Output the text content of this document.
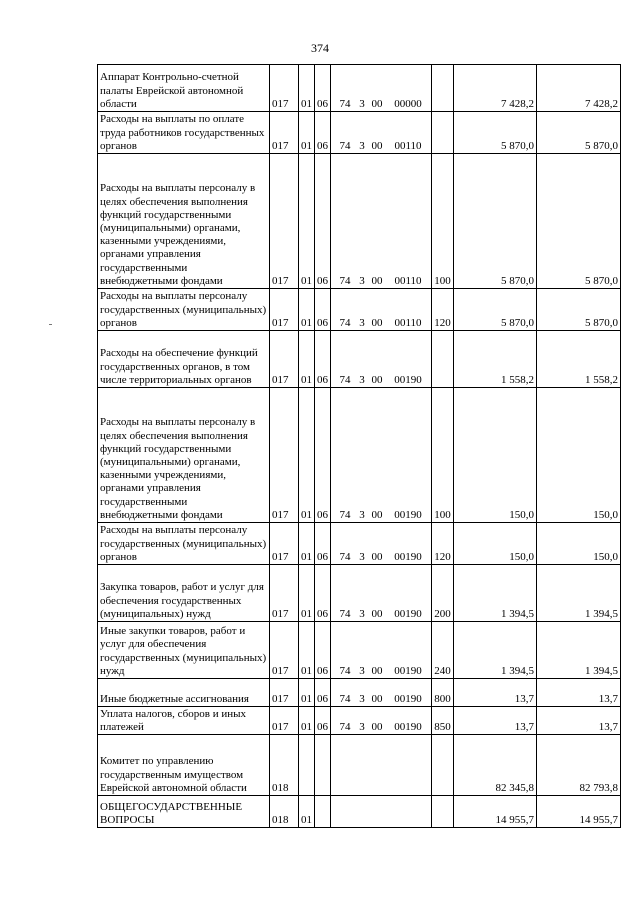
374
Аппарат Контрольно-счетной палаты Еврейской автономной области	017	01	06	74 3 00 00000		7 428,2	7 428,2
Расходы на выплаты по оплате труда работников государственных органов	017	01	06	74 3 00 00110		5 870,0	5 870,0
Расходы на выплаты персоналу в целях обеспечения выполнения функций государственными (муниципальными) органами, казенными учреждениями, органами управления государственными внебюджетными фондами	017	01	06	74 3 00 00110	100	5 870,0	5 870,0
Расходы на выплаты персоналу государственных (муниципальных) органов	017	01	06	74 3 00 00110	120	5 870,0	5 870,0
Расходы на обеспечение функций государственных органов, в том числе территориальных органов	017	01	06	74 3 00 00190		1 558,2	1 558,2
Расходы на выплаты персоналу в целях обеспечения выполнения функций государственными (муниципальными) органами, казенными учреждениями, органами управления государственными внебюджетными фондами	017	01	06	74 3 00 00190	100	150,0	150,0
Расходы на выплаты персоналу государственных (муниципальных) органов	017	01	06	74 3 00 00190	120	150,0	150,0
Закупка товаров, работ и услуг для обеспечения государственных (муниципальных) нужд	017	01	06	74 3 00 00190	200	1 394,5	1 394,5
Иные закупки товаров, работ и услуг для обеспечения государственных (муниципальных) нужд	017	01	06	74 3 00 00190	240	1 394,5	1 394,5
Иные бюджетные ассигнования	017	01	06	74 3 00 00190	800	13,7	13,7
Уплата налогов, сборов и иных платежей	017	01	06	74 3 00 00190	850	13,7	13,7
Комитет по управлению государственным имуществом Еврейской автономной области	018					82 345,8	82 793,8
ОБЩЕГОСУДАРСТВЕННЫЕ ВОПРОСЫ	018	01				14 955,7	14 955,7
